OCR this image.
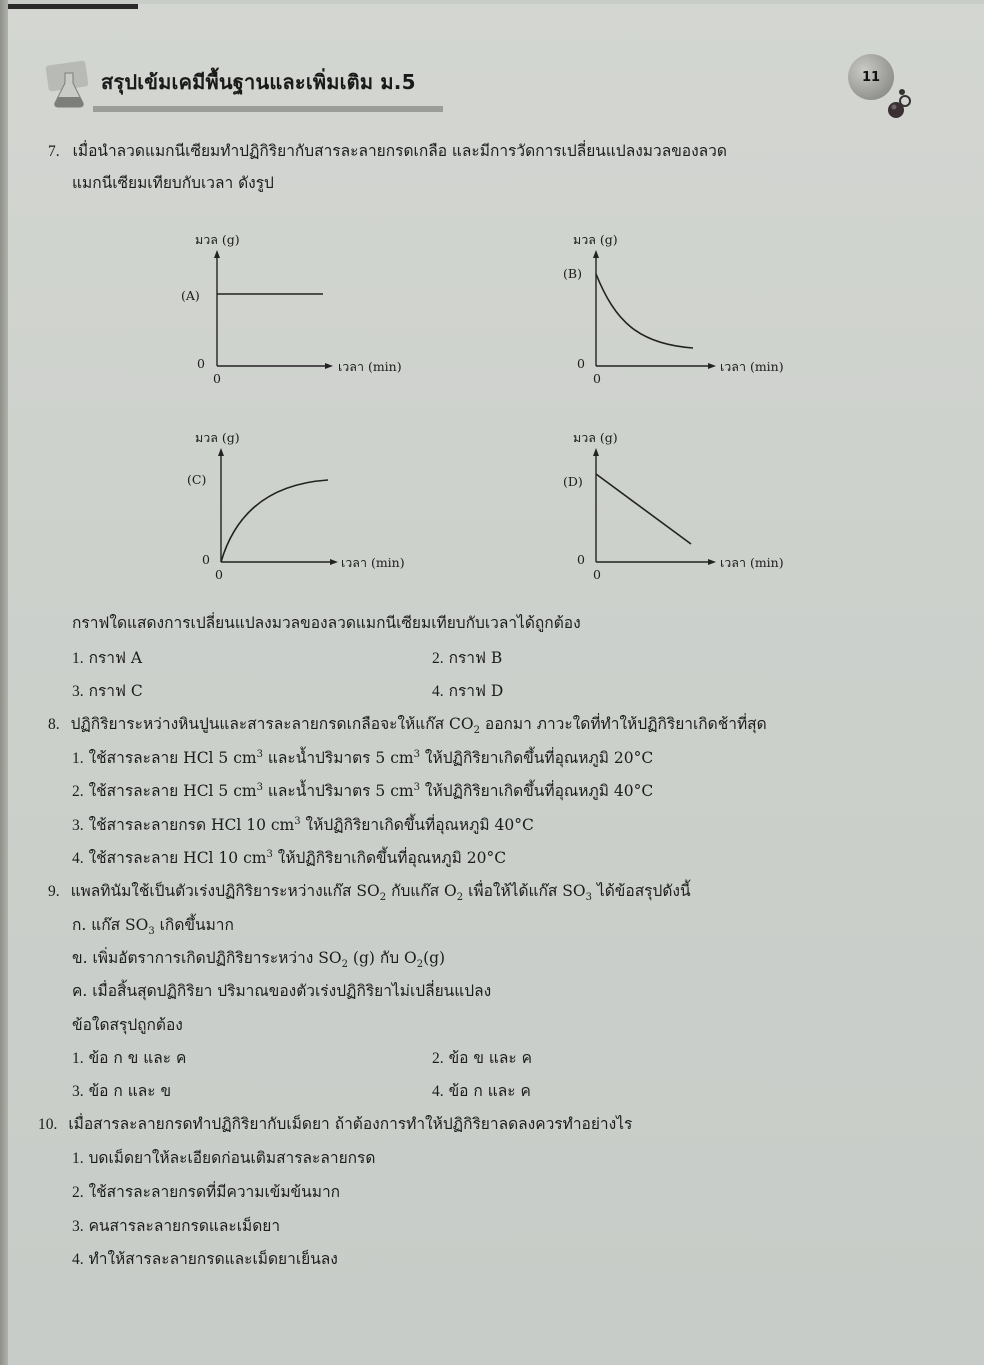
สรุปเข้มเคมีพื้นฐานและเพิ่มเติม ม.5	11
7. เมื่อนำลวดแมกนีเซียมทำปฏิกิริยากับสารละลายกรดเกลือ และมีการวัดการเปลี่ยนแปลงมวลของลวด
แมกนีเซียมเทียบกับเวลา ดังรูป
มวล (g)
(A)
0
0
เวลา (min)
มวล (g)
(B)
0
0
เวลา (min)
มวล (g)
(C)
0
0
เวลา (min)
มวล (g)
(D)
0
0
เวลา (min)
กราฟใดแสดงการเปลี่ยนแปลงมวลของลวดแมกนีเซียมเทียบกับเวลาได้ถูกต้อง
1. กราฟ A	2. กราฟ B
3. กราฟ C	4. กราฟ D
8. ปฏิกิริยาระหว่างหินปูนและสารละลายกรดเกลือจะให้แก๊ส $CO_2$ ออกมา ภาวะใดที่ทำให้ปฏิกิริยาเกิดช้าที่สุด
1. ใช้สารละลาย HCl 5 $cm^3$ และน้ำปริมาตร 5 $cm^3$ ให้ปฏิกิริยาเกิดขึ้นที่อุณหภูมิ 20°C
2. ใช้สารละลาย HCl 5 $cm^3$ และน้ำปริมาตร 5 $cm^3$ ให้ปฏิกิริยาเกิดขึ้นที่อุณหภูมิ 40°C
3. ใช้สารละลายกรด HCl 10 $cm^3$ ให้ปฏิกิริยาเกิดขึ้นที่อุณหภูมิ 40°C
4. ใช้สารละลาย HCl 10 $cm^3$ ให้ปฏิกิริยาเกิดขึ้นที่อุณหภูมิ 20°C
9. แพลทินัมใช้เป็นตัวเร่งปฏิกิริยาระหว่างแก๊ส $SO_2$ กับแก๊ส $O_2$ เพื่อให้ได้แก๊ส $SO_3$ ได้ข้อสรุปดังนี้
ก. แก๊ส $SO_3$ เกิดขึ้นมาก
ข. เพิ่มอัตราการเกิดปฏิกิริยาระหว่าง $SO_2$ (g) กับ $O_2(g)$
ค. เมื่อสิ้นสุดปฏิกิริยา ปริมาณของตัวเร่งปฏิกิริยาไม่เปลี่ยนแปลง
ข้อใดสรุปถูกต้อง
1. ข้อ ก ข และ ค	2. ข้อ ข และ ค
3. ข้อ ก และ ข	4. ข้อ ก และ ค
10. เมื่อสารละลายกรดทำปฏิกิริยากับเม็ดยา ถ้าต้องการทำให้ปฏิกิริยาลดลงควรทำอย่างไร
1. บดเม็ดยาให้ละเอียดก่อนเติมสารละลายกรด
2. ใช้สารละลายกรดที่มีความเข้มข้นมาก
3. คนสารละลายกรดและเม็ดยา
4. ทำให้สารละลายกรดและเม็ดยาเย็นลง
